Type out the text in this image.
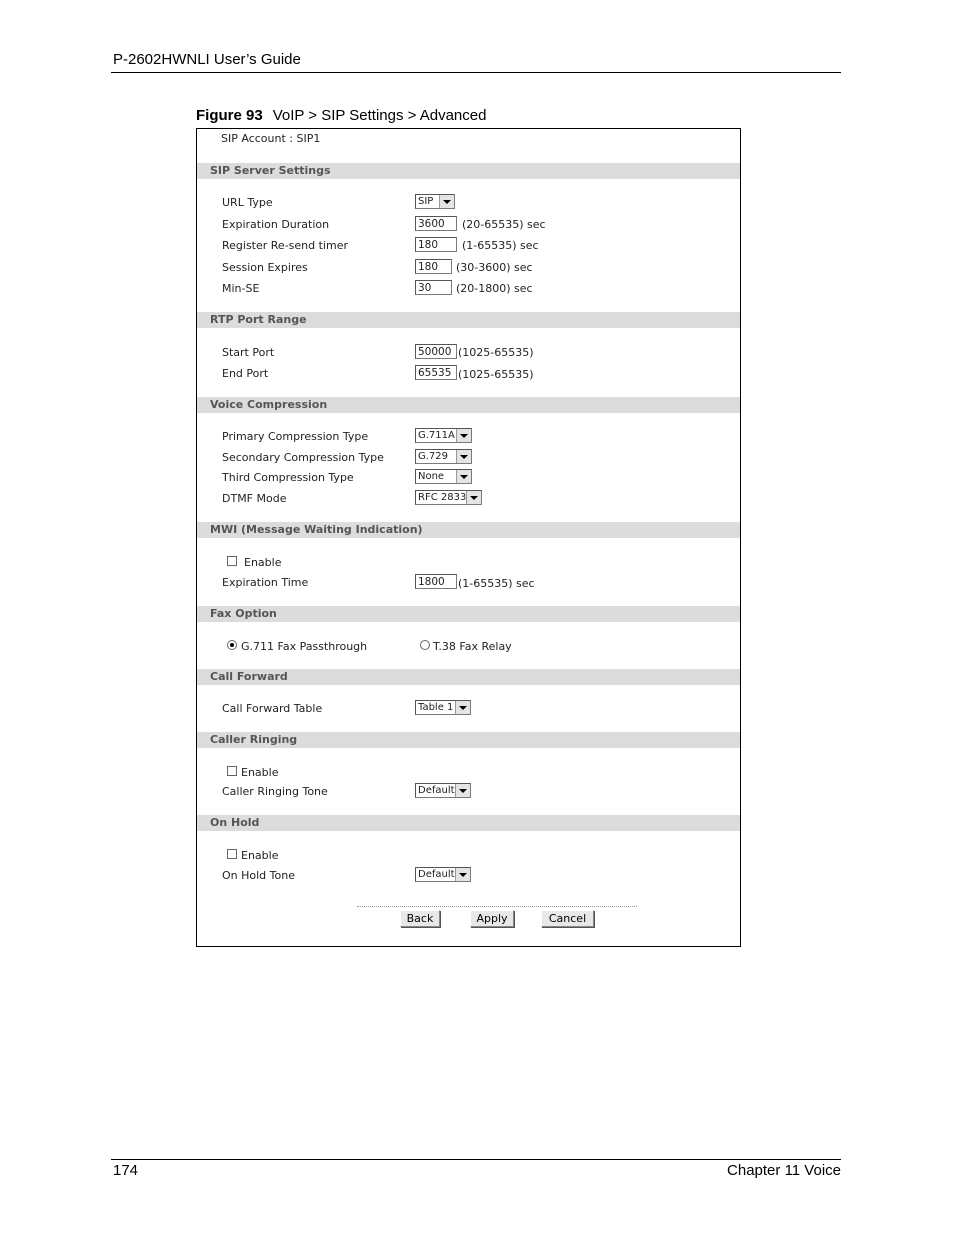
P-2602HWNLI User’s Guide
Figure 93 VoIP > SIP Settings > Advanced
SIP Account : SIP1
SIP Server Settings
URL Type	SIP
Expiration Duration	3600	(20-65535) sec
Register Re-send timer	180	(1-65535) sec
Session Expires	180	(30-3600) sec
Min-SE	30	(20-1800) sec
RTP Port Range
Start Port	50000 (1025-65535)
End Port	65535 (1025-65535)
Voice Compression
Primary Compression Type	G.711A
Secondary Compression Type	G.729
Third Compression Type	None
DTMF Mode	RFC 2833
MWI (Message Waiting Indication)
Enable
Expiration Time	1800	(1-65535) sec
Fax Option
G.711 Fax Passthrough	T.38 Fax Relay
Call Forward
Call Forward Table	Table 1
Caller Ringing
Enable
Caller Ringing Tone	Default
On Hold
Enable
On Hold Tone	Default
Back	Apply	Cancel
174	Chapter 11 Voice
